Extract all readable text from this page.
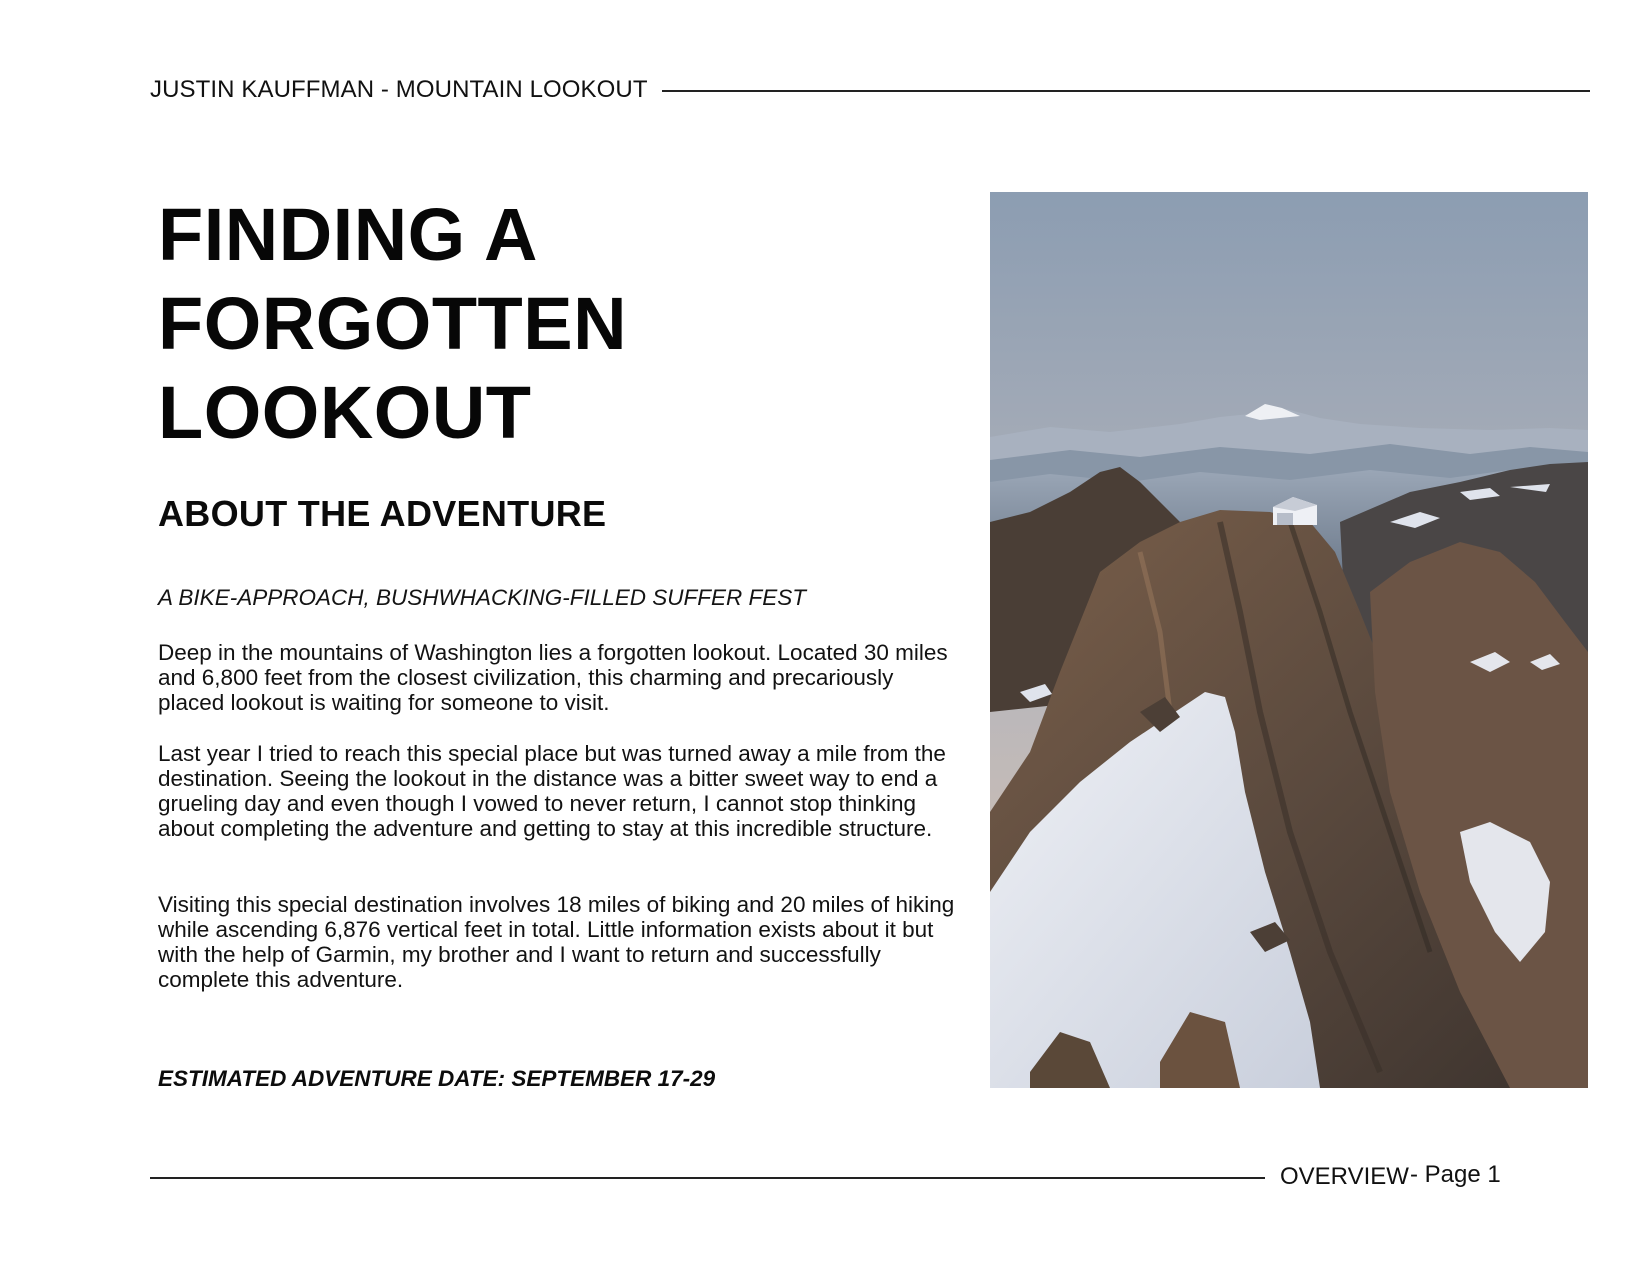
JUSTIN KAUFFMAN - MOUNTAIN LOOKOUT
FINDING A
FORGOTTEN
LOOKOUT
ABOUT THE ADVENTURE

A BIKE-APPROACH, BUSHWHACKING-FILLED SUFFER FEST

Deep in the mountains of Washington lies a forgotten lookout. Located 30 miles and 6,800 feet from the closest civilization, this charming and precariously placed lookout is waiting for someone to visit.

Last year I tried to reach this special place but was turned away a mile from the destination. Seeing the lookout in the distance was a bitter sweet way to end a grueling day and even though I vowed to never return, I cannot stop thinking about completing the adventure and getting to stay at this incredible structure.

Visiting this special destination involves 18 miles of biking and 20 miles of hiking while ascending 6,876 vertical feet in total. Little information exists about it but with the help of Garmin, my brother and I want to return and successfully complete this adventure.

ESTIMATED ADVENTURE DATE: SEPTEMBER 17-29

OVERVIEW - Page 1
